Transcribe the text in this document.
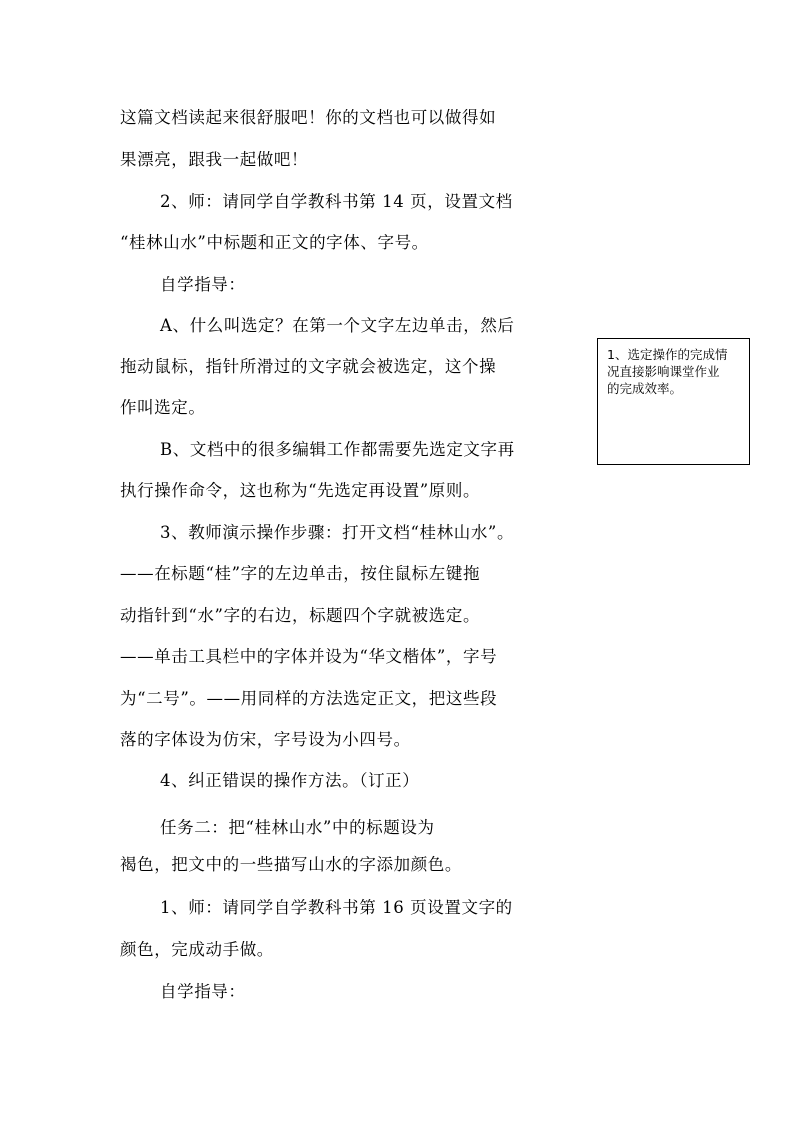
这篇文档读起来很舒服吧！你的文档也可以做得如
果漂亮，跟我一起做吧！
2、师：请同学自学教科书第 14 页，设置文档
“桂林山水”中标题和正文的字体、字号。
自学指导：
A、什么叫选定？在第一个文字左边单击，然后
拖动鼠标，指针所滑过的文字就会被选定，这个操
作叫选定。
B、文档中的很多编辑工作都需要先选定文字再
执行操作命令，这也称为“先选定再设置”原则。
3、教师演示操作步骤：打开文档“桂林山水”。
——在标题“桂”字的左边单击，按住鼠标左键拖
动指针到“水”字的右边，标题四个字就被选定。
——单击工具栏中的字体并设为“华文楷体”，字号
为“二号”。——用同样的方法选定正文，把这些段
落的字体设为仿宋，字号设为小四号。
4、纠正错误的操作方法。（订正）
任务二：把“桂林山水”中的标题设为
褐色，把文中的一些描写山水的字添加颜色。
1、师：请同学自学教科书第 16 页设置文字的
颜色，完成动手做。
自学指导：
1、选定操作的完成情
况直接影响课堂作业
的完成效率。
